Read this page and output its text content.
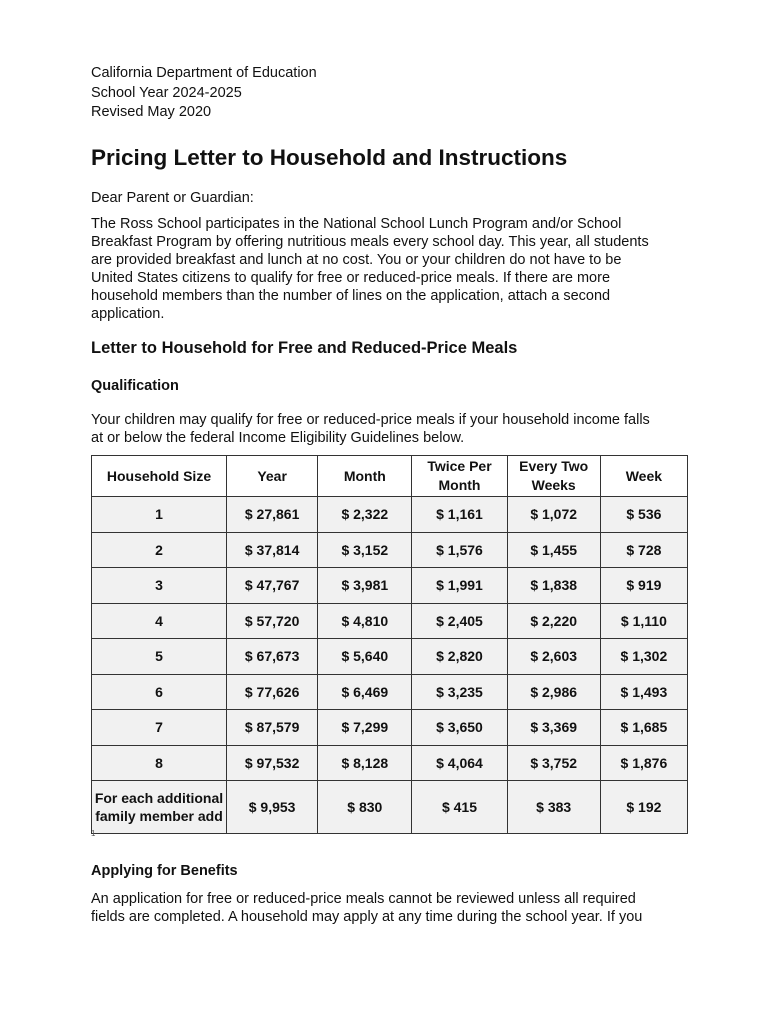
California Department of Education

School Year 2024-2025

Revised May 2020

Pricing Letter to Household and Instructions

Dear Parent or Guardian:

The Ross School participates in the National School Lunch Program and/or School
Breakfast Program by offering nutritious meals every school day. This year, all students
are provided breakfast and lunch at no cost. You or your children do not have to be
United States citizens to qualify for free or reduced-price meals. If there are more
household members than the number of lines on the application, attach a second
application.
Letter to Household for Free and Reduced-Price Meals
Qualification
Your children may qualify for free or reduced-price meals if your household income falls
at or below the federal Income Eligibility Guidelines below.
Household Size	Year	Month	Twice Per Month	Every Two Weeks	Week
1	$ 27,861	$ 2,322	$ 1,161	$ 1,072	$ 536
2	$ 37,814	$ 3,152	$ 1,576	$ 1,455	$ 728
3	$ 47,767	$ 3,981	$ 1,991	$ 1,838	$ 919
4	$ 57,720	$ 4,810	$ 2,405	$ 2,220	$ 1,110
5	$ 67,673	$ 5,640	$ 2,820	$ 2,603	$ 1,302
6	$ 77,626	$ 6,469	$ 3,235	$ 2,986	$ 1,493
7	$ 87,579	$ 7,299	$ 3,650	$ 3,369	$ 1,685
8	$ 97,532	$ 8,128	$ 4,064	$ 3,752	$ 1,876
For each additional family member add	$ 9,953	$ 830	$ 415	$ 383	$ 192
1
Applying for Benefits
An application for free or reduced-price meals cannot be reviewed unless all required
fields are completed. A household may apply at any time during the school year. If you
